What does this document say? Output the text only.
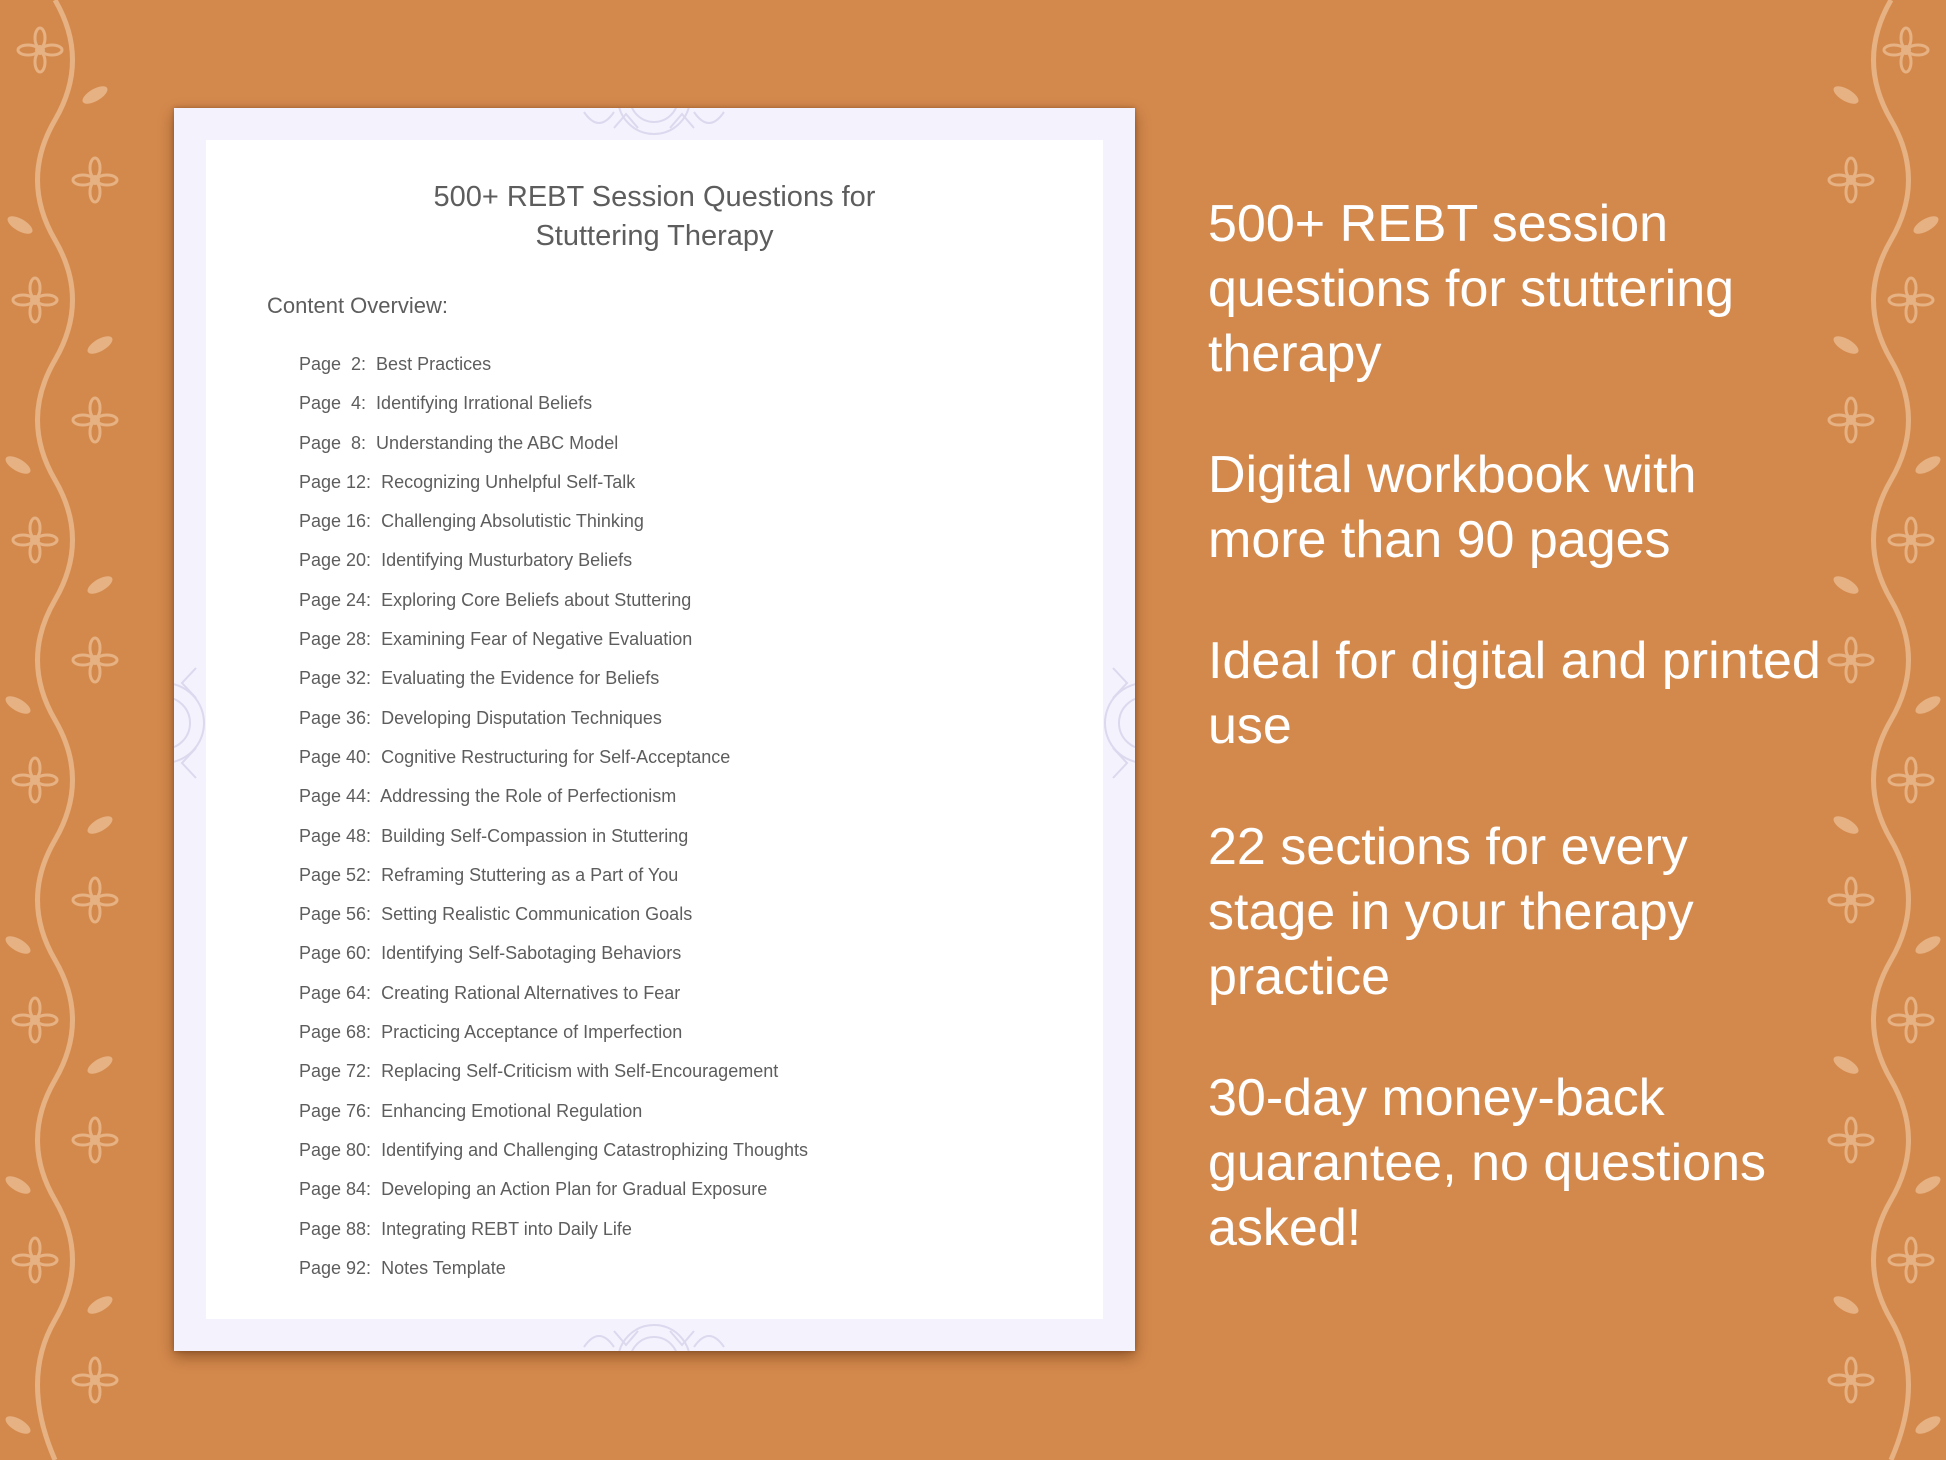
500+ REBT Session Questions for
Stuttering Therapy

Content Overview:

Page  2:  Best Practices
Page  4:  Identifying Irrational Beliefs
Page  8:  Understanding the ABC Model
Page 12:  Recognizing Unhelpful Self-Talk
Page 16:  Challenging Absolutistic Thinking
Page 20:  Identifying Musturbatory Beliefs
Page 24:  Exploring Core Beliefs about Stuttering
Page 28:  Examining Fear of Negative Evaluation
Page 32:  Evaluating the Evidence for Beliefs
Page 36:  Developing Disputation Techniques
Page 40:  Cognitive Restructuring for Self-Acceptance
Page 44:  Addressing the Role of Perfectionism
Page 48:  Building Self-Compassion in Stuttering
Page 52:  Reframing Stuttering as a Part of You
Page 56:  Setting Realistic Communication Goals
Page 60:  Identifying Self-Sabotaging Behaviors
Page 64:  Creating Rational Alternatives to Fear
Page 68:  Practicing Acceptance of Imperfection
Page 72:  Replacing Self-Criticism with Self-Encouragement
Page 76:  Enhancing Emotional Regulation
Page 80:  Identifying and Challenging Catastrophizing Thoughts
Page 84:  Developing an Action Plan for Gradual Exposure
Page 88:  Integrating REBT into Daily Life
Page 92:  Notes Template
500+ REBT session questions for stuttering therapy
Digital workbook with more than 90 pages
Ideal for digital and printed use
22 sections for every stage in your therapy practice
30-day money-back guarantee, no questions asked!
